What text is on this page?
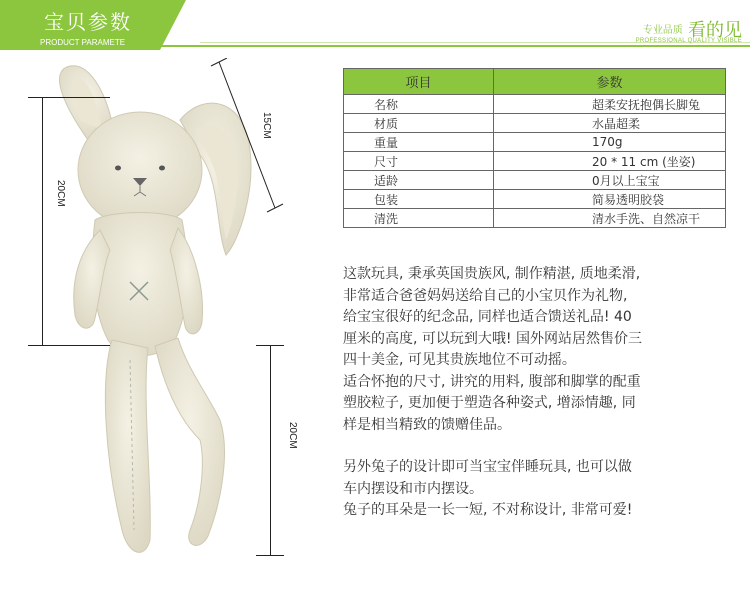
宝贝参数
PRODUCT PARAMETE
专业品质 看的见
PROFESSIONAL QUALITY VISIBLE
15CM
20CM
20CM
项目	参数
名称	超柔安抚抱偶长脚兔
材质	水晶超柔
重量	170g
尺寸	20 * 11 cm (坐姿)
适龄	0月以上宝宝
包装	简易透明胶袋
清洗	清水手洗、自然凉干

这款玩具, 秉承英国贵族风, 制作精湛, 质地柔滑,

非常适合爸爸妈妈送给自己的小宝贝作为礼物,

给宝宝很好的纪念品, 同样也适合馈送礼品! 40

厘米的高度, 可以玩到大哦! 国外网站居然售价三

四十美金, 可见其贵族地位不可动摇。

适合怀抱的尺寸, 讲究的用料, 腹部和脚掌的配重

塑胶粒子, 更加便于塑造各种姿式, 增添情趣, 同

样是相当精致的馈赠佳品。

另外兔子的设计即可当宝宝伴睡玩具, 也可以做

车内摆设和市内摆设。

兔子的耳朵是一长一短, 不对称设计, 非常可爱!
